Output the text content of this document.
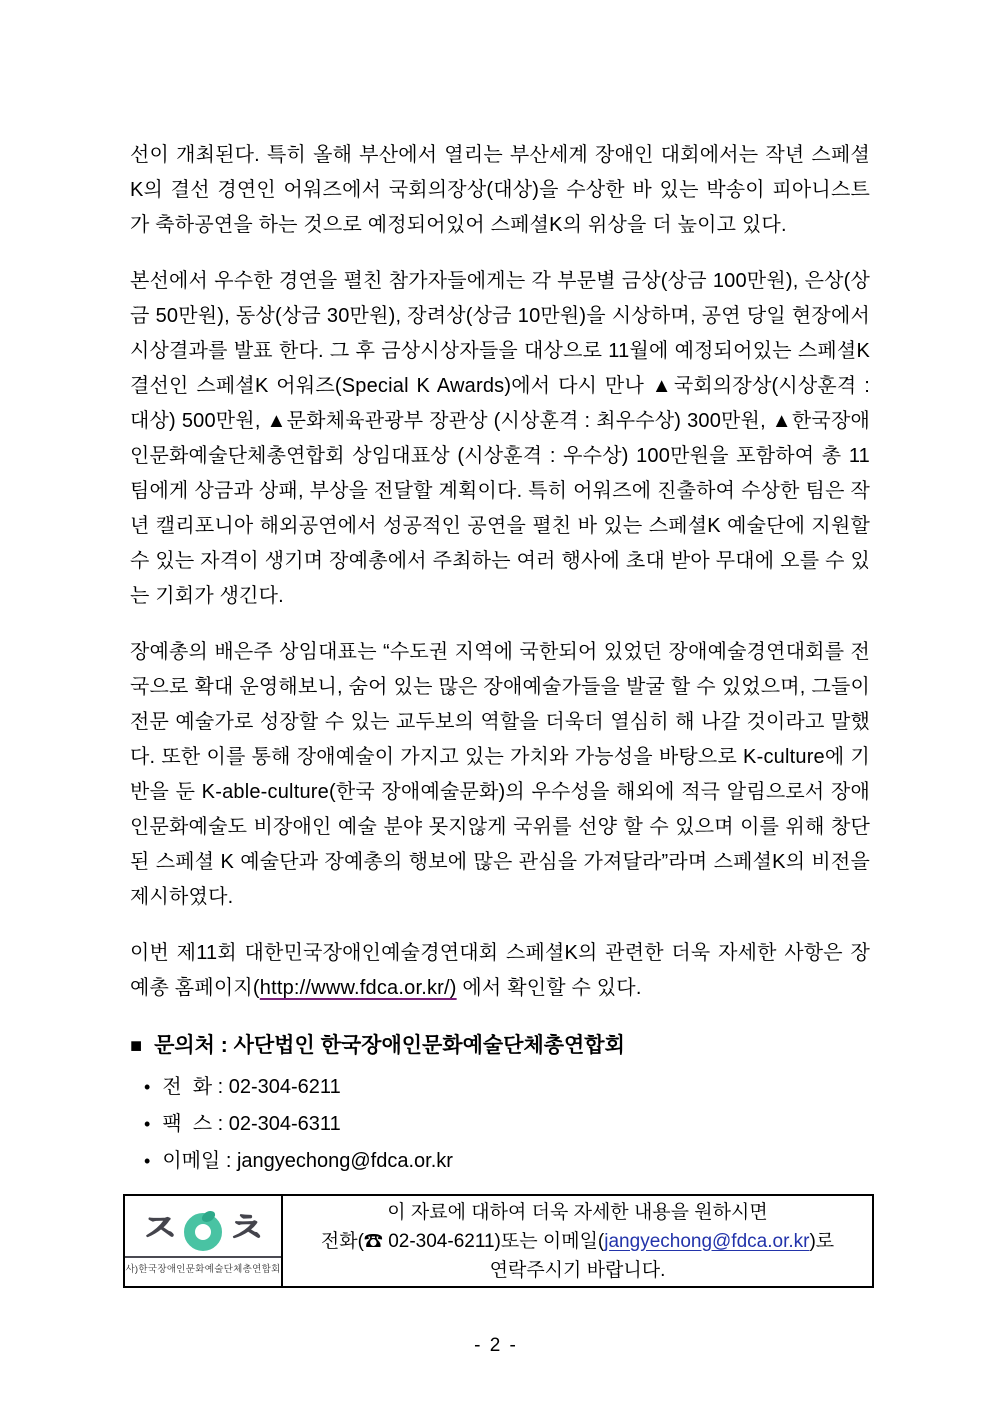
선이 개최된다. 특히 올해 부산에서 열리는 부산세계 장애인 대회에서는 작년 스페셜K의 결선 경연인 어워즈에서 국회의장상(대상)을 수상한 바 있는 박송이 피아니스트가 축하공연을 하는 것으로 예정되어있어 스페셜K의 위상을 더 높이고 있다.

본선에서 우수한 경연을 펼친 참가자들에게는 각 부문별 금상(상금 100만원), 은상(상금 50만원), 동상(상금 30만원), 장려상(상금 10만원)을 시상하며, 공연 당일 현장에서 시상결과를 발표 한다. 그 후 금상시상자들을 대상으로 11월에 예정되어있는 스페셜K 결선인 스페셜K 어워즈(Special K Awards)에서 다시 만나 ▲국회의장상(시상훈격 : 대상) 500만원, ▲문화체육관광부 장관상 (시상훈격 : 최우수상) 300만원, ▲한국장애인문화예술단체총연합회 상임대표상 (시상훈격 : 우수상) 100만원을 포함하여 총 11팀에게 상금과 상패, 부상을 전달할 계획이다. 특히 어워즈에 진출하여 수상한 팀은 작년 캘리포니아 해외공연에서 성공적인 공연을 펼친 바 있는 스페셜K 예술단에 지원할 수 있는 자격이 생기며 장예총에서 주최하는 여러 행사에 초대 받아 무대에 오를 수 있는 기회가 생긴다.

장예총의 배은주 상임대표는 “수도권 지역에 국한되어 있었던 장애예술경연대회를 전국으로 확대 운영해보니, 숨어 있는 많은 장애예술가들을 발굴 할 수 있었으며, 그들이 전문 예술가로 성장할 수 있는 교두보의 역할을 더욱더 열심히 해 나갈 것이라고 말했다. 또한 이를 통해 장애예술이 가지고 있는 가치와 가능성을 바탕으로 K-culture에 기반을 둔 K-able-culture(한국 장애예술문화)의 우수성을 해외에 적극 알림으로서 장애인문화예술도 비장애인 예술 분야 못지않게 국위를 선양 할 수 있으며 이를 위해 창단된 스페셜 K 예술단과 장예총의 행보에 많은 관심을 가져달라”라며 스페셜K의 비전을 제시하였다.

이번 제11회 대한민국장애인예술경연대회 스페셜K의 관련한 더욱 자세한 사항은 장예총 홈페이지(http://www.fdca.or.kr/) 에서 확인할 수 있다.

■ 문의처 : 사단법인 한국장애인문화예술단체총연합회
• 전  화 : 02-304-6211
• 팩  스 : 02-304-6311
• 이메일 : jangyechong@fdca.or.kr
ㅈ ㅊ
사)한국장애인문화예술단체총연합회
이 자료에 대하여 더욱 자세한 내용을 원하시면
전화(☎ 02-304-6211)또는 이메일(jangyechong@fdca.or.kr)로
연락주시기 바랍니다.
- 2 -
